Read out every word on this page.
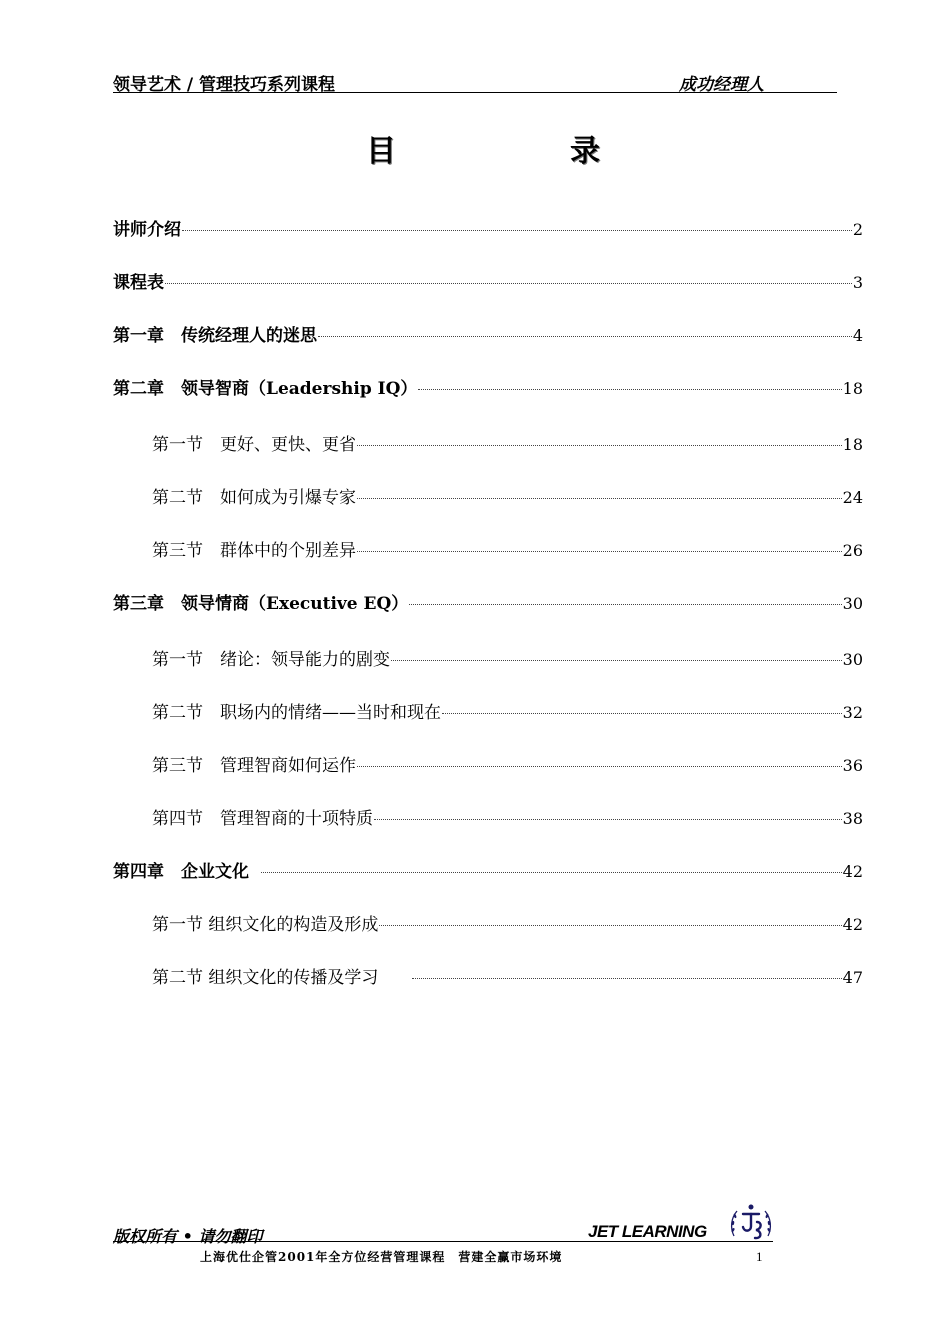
领导艺术 / 管理技巧系列课程	成功经理人
目	录
讲师介绍	2
课程表	3
第一章　传统经理人的迷思	4
第二章　领导智商（Leadership IQ）	18
第一节　更好、更快、更省	18
第二节　如何成为引爆专家	24
第三节　群体中的个别差异	26
第三章　领导情商（Executive EQ）	30
第一节　绪论：领导能力的剧变	30
第二节　职场内的情绪——当时和现在	32
第三节　管理智商如何运作	36
第四节　管理智商的十项特质	38
第四章　企业文化	42
第一节 组织文化的构造及形成	42
第二节 组织文化的传播及学习	47
版权所有 • 请勿翻印	JET LEARNING
上海优仕企管2001年全方位经营管理课程　营建全赢市场环境	1
